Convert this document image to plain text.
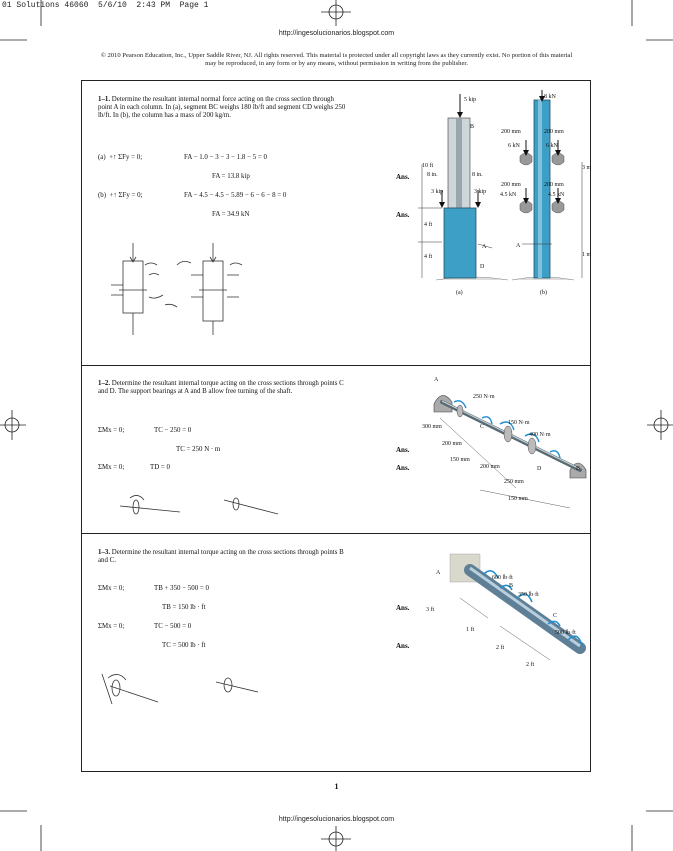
01 Solutions 46060  5/6/10  2:43 PM  Page 1
http://ingesolucionarios.blogspot.com
© 2010 Pearson Education, Inc., Upper Saddle River, NJ. All rights reserved. This material is protected under all copyright laws as they currently exist. No portion of this material may be reproduced, in any form or by any means, without permission in writing from the publisher.
1–1. Determine the resultant internal normal force acting on the cross section through point A in each column. In (a), segment BC weighs 180 lb/ft and segment CD weighs 250 lb/ft. In (b), the column has a mass of 200 kg/m.
(a)  +↑ ΣFy = 0;	FA − 1.0 − 3 − 3 − 1.8 − 5 = 0
FA = 13.8 kip	Ans.
(b)  +↑ ΣFy = 0;	FA − 4.5 − 4.5 − 5.89 − 6 − 6 − 8 = 0
FA = 34.9 kN	Ans.
5 kip	8 kN
B
10 ft
8 in.	8 in.
3 kip	3 kip
C
4 ft
A
4 ft
D
200 mm	200 mm
6 kN	6 kN
3 m
200 mm	200 mm
4.5 kN	4.5 kN
A
1 m
(a)	(b)
1–2. Determine the resultant internal torque acting on the cross sections through points C and D. The support bearings at A and B allow free turning of the shaft.
ΣMx = 0;	TC − 250 = 0
TC = 250 N · m	Ans.
ΣMx = 0;	TD = 0	Ans.
A
250 N·m
150 N·m
C
300 mm
400 N·m
200 mm
150 mm
200 mm	D	B
250 mm
150 mm
1–3. Determine the resultant internal torque acting on the cross sections through points B and C.
ΣMx = 0;	TB + 350 − 500 = 0
TB = 150 lb · ft	Ans.
ΣMx = 0;	TC − 500 = 0
TC = 500 lb · ft	Ans.
A
600 lb·ft
B
350 lb·ft
3 ft
C
1 ft	500 lb·ft
2 ft
2 ft
1
http://ingesolucionarios.blogspot.com
